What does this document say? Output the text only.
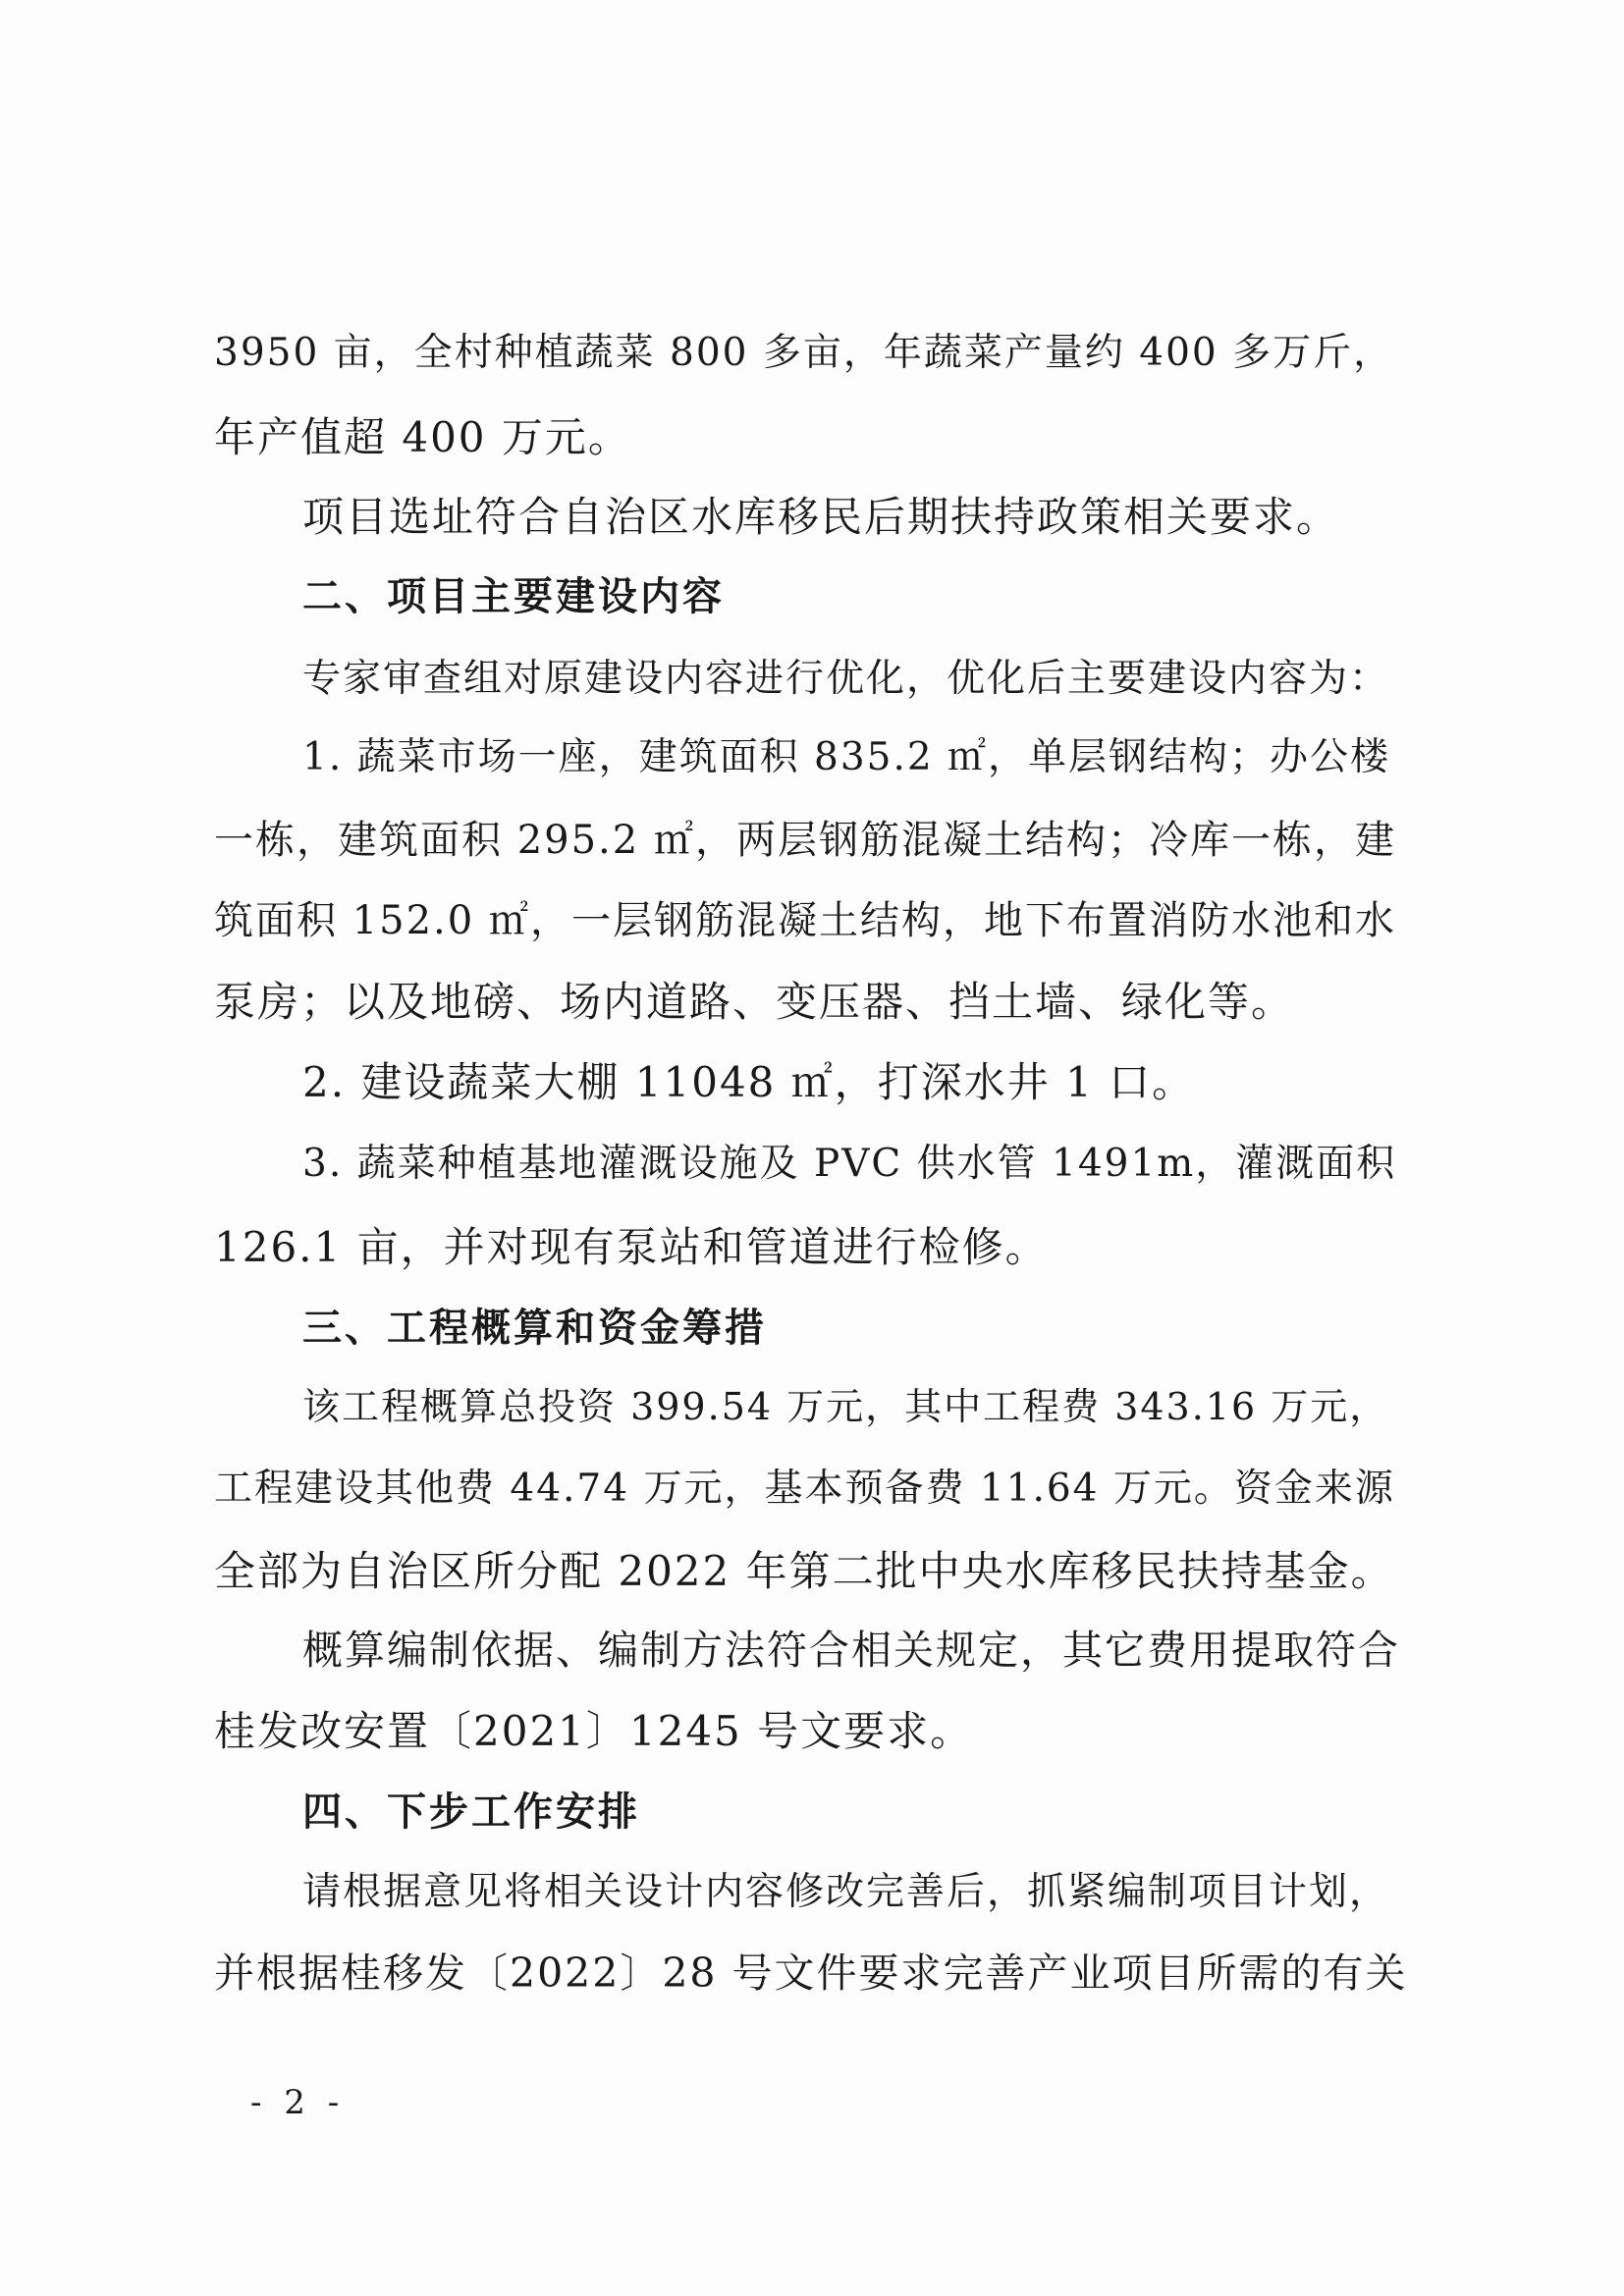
3950 亩，全村种植蔬菜 800 多亩，年蔬菜产量约 400 多万斤，
年产值超 400 万元。
项目选址符合自治区水库移民后期扶持政策相关要求。
二、项目主要建设内容
专家审查组对原建设内容进行优化，优化后主要建设内容为：
1. 蔬菜市场一座，建筑面积 835.2 ㎡，单层钢结构；办公楼
一栋，建筑面积 295.2 ㎡，两层钢筋混凝土结构；冷库一栋，建
筑面积 152.0 ㎡，一层钢筋混凝土结构，地下布置消防水池和水
泵房；以及地磅、场内道路、变压器、挡土墙、绿化等。
2. 建设蔬菜大棚 11048 ㎡，打深水井 1 口。
3. 蔬菜种植基地灌溉设施及 PVC 供水管 1491m，灌溉面积
126.1 亩，并对现有泵站和管道进行检修。
三、工程概算和资金筹措
该工程概算总投资 399.54 万元，其中工程费 343.16 万元，
工程建设其他费 44.74 万元，基本预备费 11.64 万元。资金来源
全部为自治区所分配 2022 年第二批中央水库移民扶持基金。
概算编制依据、编制方法符合相关规定，其它费用提取符合
桂发改安置〔2021〕1245 号文要求。
四、下步工作安排
请根据意见将相关设计内容修改完善后，抓紧编制项目计划，
并根据桂移发〔2022〕28 号文件要求完善产业项目所需的有关
- 2 -
